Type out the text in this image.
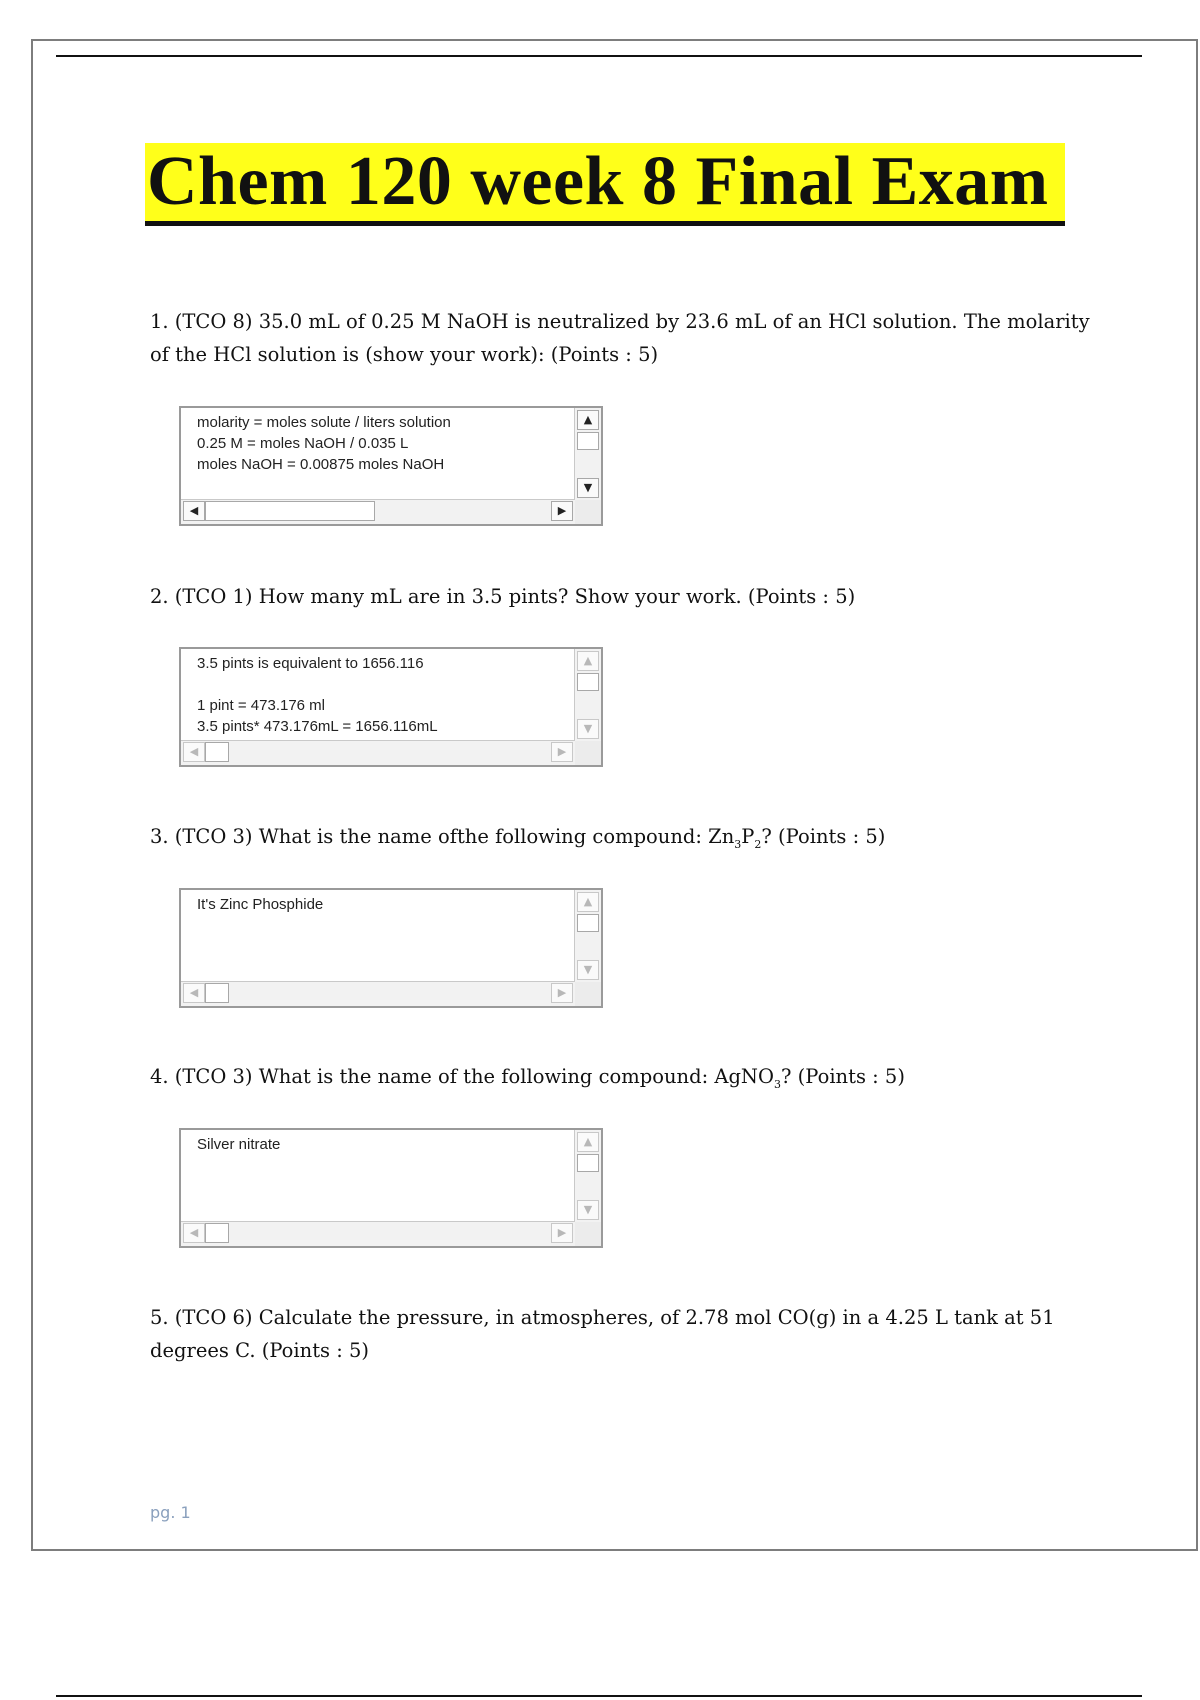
Chem 120 week 8 Final Exam

1. (TCO 8) 35.0 mL of 0.25 M NaOH is neutralized by 23.6 mL of an HCl solution. The molarity of the HCl solution is (show your work): (Points : 5)

molarity = moles solute / liters solution
0.25 M = moles NaOH / 0.035 L
moles NaOH = 0.00875 moles NaOH
▲
▼
◀	▶

2. (TCO 1) How many mL are in 3.5 pints? Show your work. (Points : 5)

3.5 pints is equivalent to 1656.116

1 pint = 473.176 ml
3.5 pints* 473.176mL = 1656.116mL
▲
▼
◀	▶

3. (TCO 3) What is the name ofthe following compound: $Zn_3P_2$? (Points : 5)

It's Zinc Phosphide	▲
▼
◀	▶

4. (TCO 3) What is the name of the following compound: AgNO$_3$? (Points : 5)

Silver nitrate	▲
▼
◀	▶

5. (TCO 6) Calculate the pressure, in atmospheres, of 2.78 mol CO(g) in a 4.25 L tank at 51 degrees C. (Points : 5)

pg. 1
